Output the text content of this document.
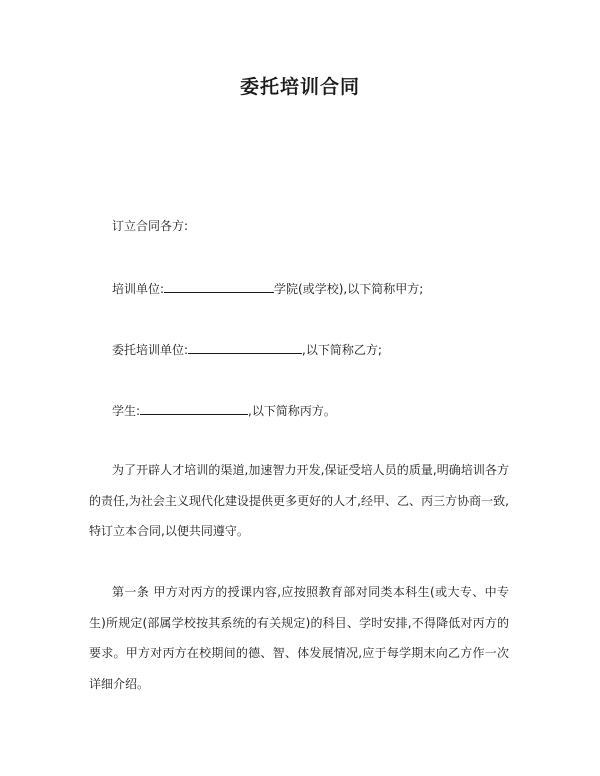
委托培训合同

订立合同各方:

培训单位:	学院(或学校),以下简称甲方;

委托培训单位:	,以下简称乙方;

学生:	,以下简称丙方。

为了开辟人才培训的渠道,加速智力开发,保证受培人员的质量,明确培训各方的责任,为社会主义现代化建设提供更多更好的人才,经甲、乙、丙三方协商一致,特订立本合同,以便共同遵守。

第一条 甲方对丙方的授课内容,应按照教育部对同类本科生(或大专、中专生)所规定(部属学校按其系统的有关规定)的科目、学时安排,不得降低对丙方的要求。甲方对丙方在校期间的德、智、体发展情况,应于每学期末向乙方作一次详细介绍。
